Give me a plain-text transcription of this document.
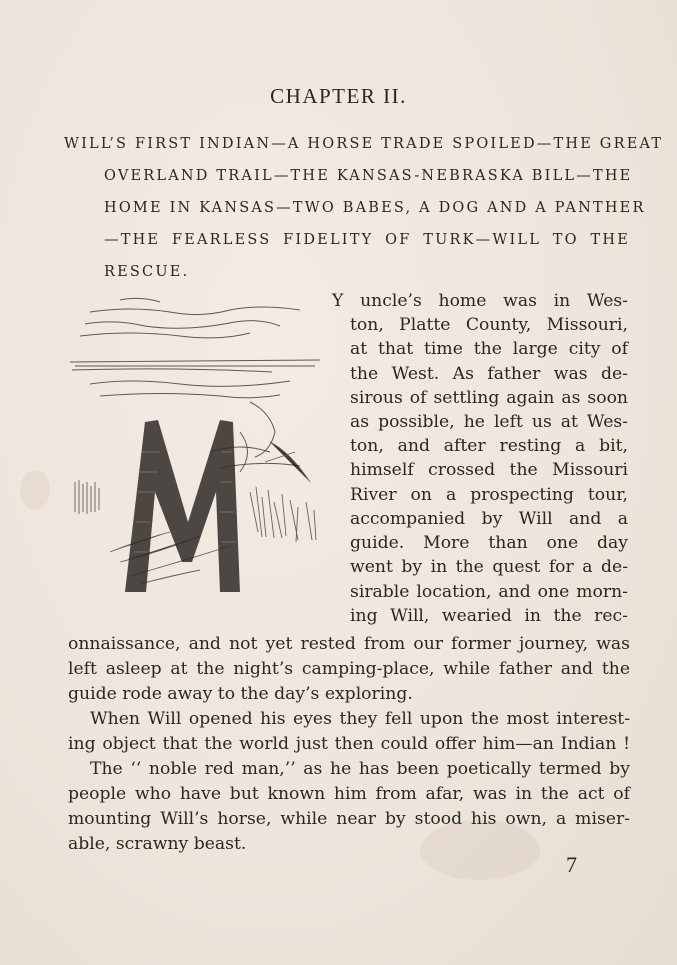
CHAPTER II.
WILL’S FIRST INDIAN—A HORSE TRADE SPOILED—THE GREAT
OVERLAND TRAIL—THE KANSAS-NEBRASKA BILL—THE
HOME IN KANSAS—TWO BABES, A DOG AND A PANTHER
—THE FEARLESS FIDELITY OF TURK—WILL TO THE
RESCUE.
Y uncle’s home was in Wes-
ton, Platte County, Missouri,
at that time the large city of
the West. As father was de-
sirous of settling again as soon
as possible, he left us at Wes-
ton, and after resting a bit,
himself crossed the Missouri
River on a prospecting tour,
accompanied by Will and a
guide. More than one day
went by in the quest for a de-
sirable location, and one morn-
ing Will, wearied in the rec-
onnaissance, and not yet rested from our former journey, was
left asleep at the night’s camping-place, while father and the
guide rode away to the day’s exploring.
When Will opened his eyes they fell upon the most interest-
ing object that the world just then could offer him—an Indian !
The ‘‘ noble red man,’’ as he has been poetically termed by
people who have but known him from afar, was in the act of
mounting Will’s horse, while near by stood his own, a miser-
able, scrawny beast.
7
